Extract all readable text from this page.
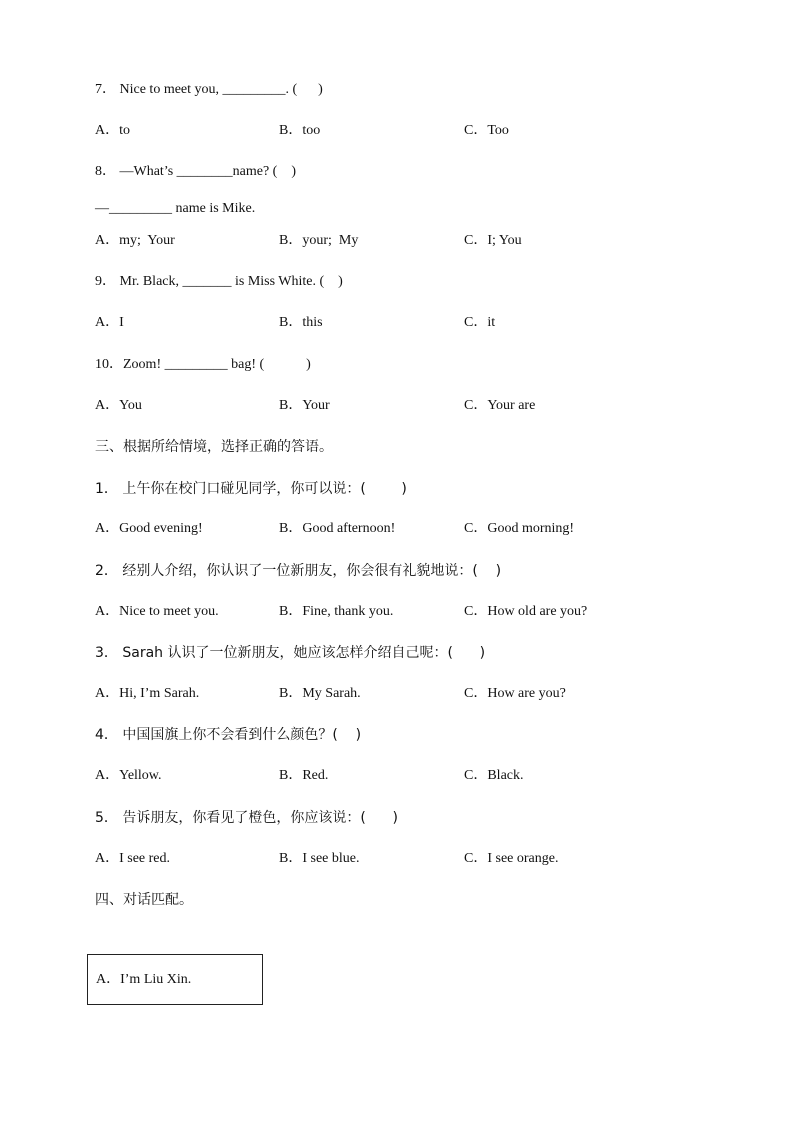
7． Nice to meet you, _________. (      )
A．to	B．too	C．Too
8． —What’s ________name? (    )
—_________ name is Mike.
A．my;  Your	B．your;  My	C．I; You
9． Mr. Black, _______ is Miss White. (    )
A．I	B．this	C．it
10．Zoom! _________ bag! (            )
A．You	B．Your	C．Your are
三、根据所给情境，选择正确的答语。
1． 上午你在校门口碰见同学，你可以说：(        )
A．Good evening!	B．Good afternoon!	C．Good morning!
2． 经别人介绍，你认识了一位新朋友，你会很有礼貌地说：(    )
A．Nice to meet you.	B．Fine, thank you.	C．How old are you?
3． Sarah 认识了一位新朋友，她应该怎样介绍自己呢：(      )
A．Hi, I’m Sarah.	B．My Sarah.	C．How are you?
4． 中国国旗上你不会看到什么颜色？(    )
A．Yellow.	B．Red.	C．Black.
5． 告诉朋友，你看见了橙色，你应该说：(      )
A．I see red.	B．I see blue.	C．I see orange.
四、对话匹配。
A．I’m Liu Xin.
